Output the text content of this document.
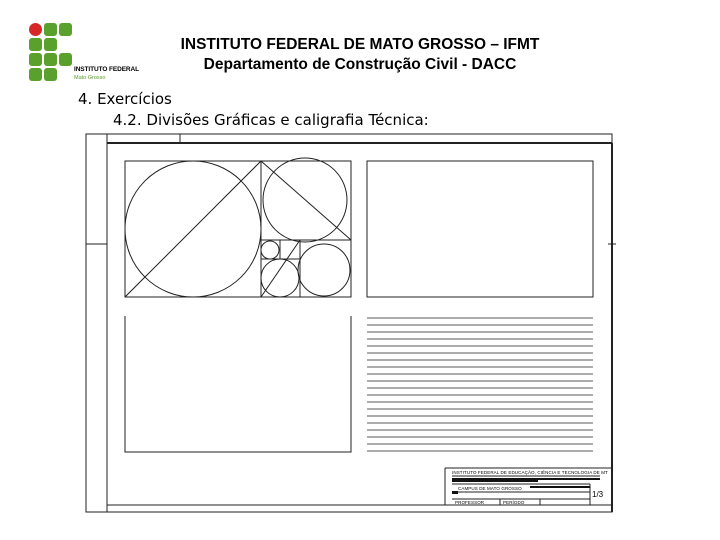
INSTITUTO FEDERAL
Mato Grosso
INSTITUTO FEDERAL DE MATO GROSSO – IFMT
Departamento de Construção Civil - DACC
4. Exercícios
4.2. Divisões Gráficas e caligrafia Técnica:
INSTITUTO FEDERAL DE EDUCAÇÃO, CIÊNCIA E TECNOLOGIA DE MT
CAMPUS DE MATO GROSSO
PROFESSOR	PERÍODO
1/3
